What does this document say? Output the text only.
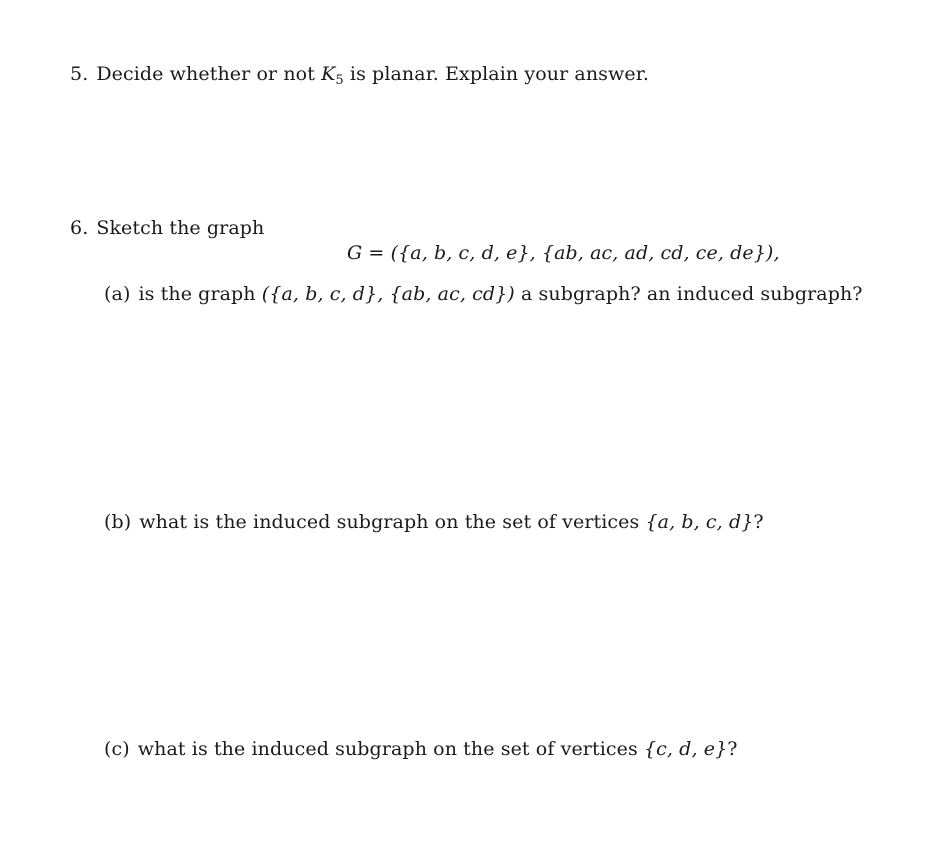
5. Decide whether or not $K_5$ is planar. Explain your answer.
6. Sketch the graph
G = ({a, b, c, d, e}, {ab, ac, ad, cd, ce, de}),
(a) is the graph ({a, b, c, d}, {ab, ac, cd}) a subgraph? an induced subgraph?
(b) what is the induced subgraph on the set of vertices {a, b, c, d}?
(c) what is the induced subgraph on the set of vertices {c, d, e}?
